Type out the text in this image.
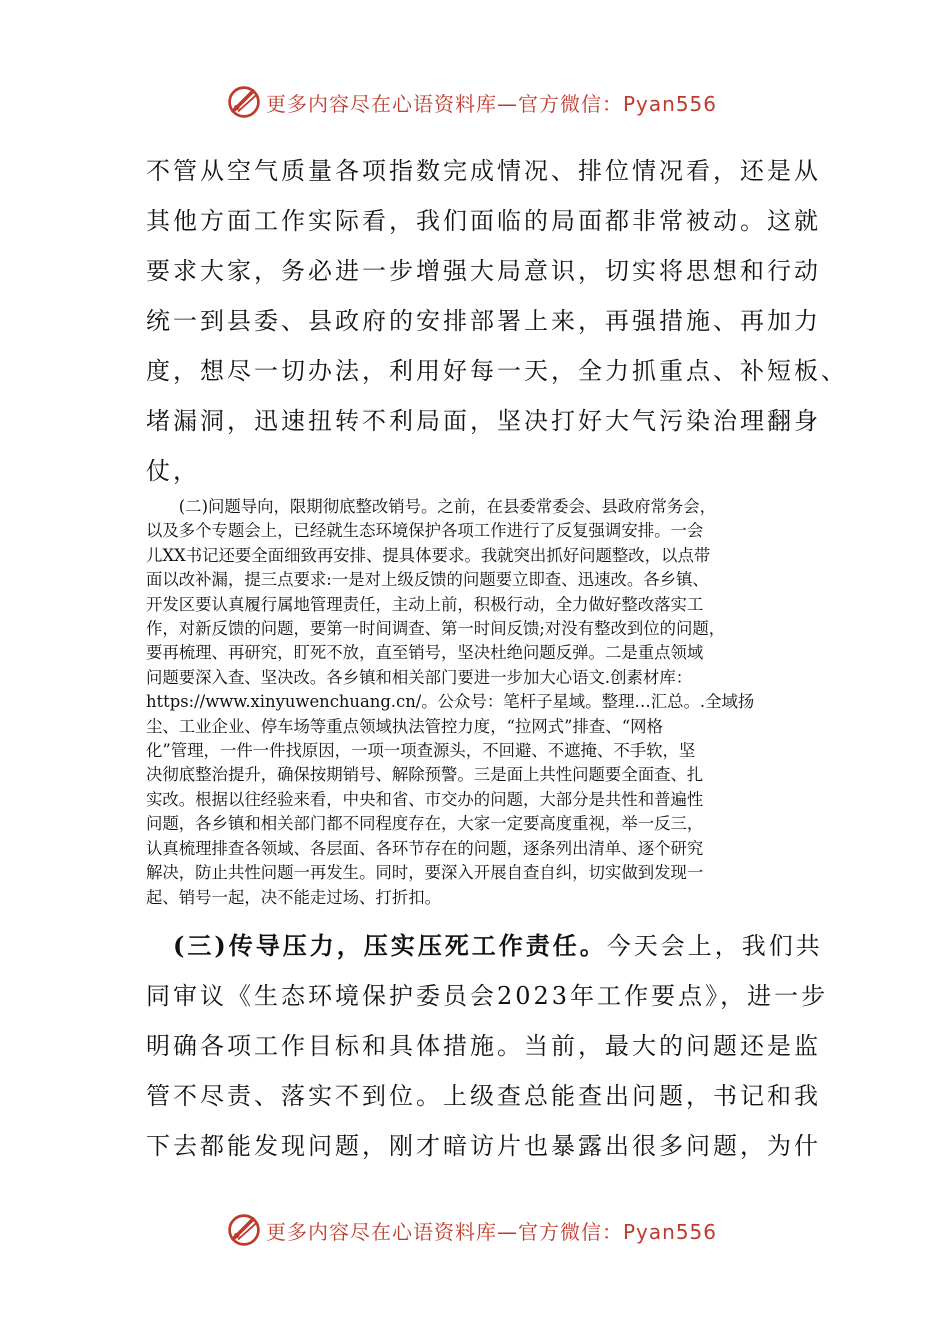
更多内容尽在心语资料库—官方微信：Pyan556
不管从空气质量各项指数完成情况、排位情况看，还是从
其他方面工作实际看，我们面临的局面都非常被动。这就
要求大家，务必进一步增强大局意识，切实将思想和行动
统一到县委、县政府的安排部署上来，再强措施、再加力
度，想尽一切办法，利用好每一天，全力抓重点、补短板、
堵漏洞，迅速扭转不利局面，坚决打好大气污染治理翻身
仗，
　　(二)问题导向，限期彻底整改销号。之前，在县委常委会、县政府常务会，
以及多个专题会上，已经就生态环境保护各项工作进行了反复强调安排。一会
儿XX书记还要全面细致再安排、提具体要求。我就突出抓好问题整改，以点带
面以改补漏，提三点要求:一是对上级反馈的问题要立即查、迅速改。各乡镇、
开发区要认真履行属地管理责任，主动上前，积极行动，全力做好整改落实工
作，对新反馈的问题，要第一时间调查、第一时间反馈;对没有整改到位的问题，
要再梳理、再研究，盯死不放，直至销号，坚决杜绝问题反弹。二是重点领域
问题要深入查、坚决改。各乡镇和相关部门要进一步加大心语文.创素材库：
https://www.xinyuwenchuang.cn/。公众号：笔杆子星域。整理…汇总。.全域扬
尘、工业企业、停车场等重点领域执法管控力度，“拉网式”排查、“网格
化”管理，一件一件找原因，一项一项查源头，不回避、不遮掩、不手软，坚
决彻底整治提升，确保按期销号、解除预警。三是面上共性问题要全面查、扎
实改。根据以往经验来看，中央和省、市交办的问题，大部分是共性和普遍性
问题，各乡镇和相关部门都不同程度存在，大家一定要高度重视，举一反三，
认真梳理排查各领域、各层面、各环节存在的问题，逐条列出清单、逐个研究
解决，防止共性问题一再发生。同时，要深入开展自查自纠，切实做到发现一
起、销号一起，决不能走过场、打折扣。
　(三)传导压力，压实压死工作责任。今天会上，我们共
同审议《生态环境保护委员会2023年工作要点》，进一步
明确各项工作目标和具体措施。当前，最大的问题还是监
管不尽责、落实不到位。上级查总能查出问题，书记和我
下去都能发现问题，刚才暗访片也暴露出很多问题，为什
更多内容尽在心语资料库—官方微信：Pyan556
